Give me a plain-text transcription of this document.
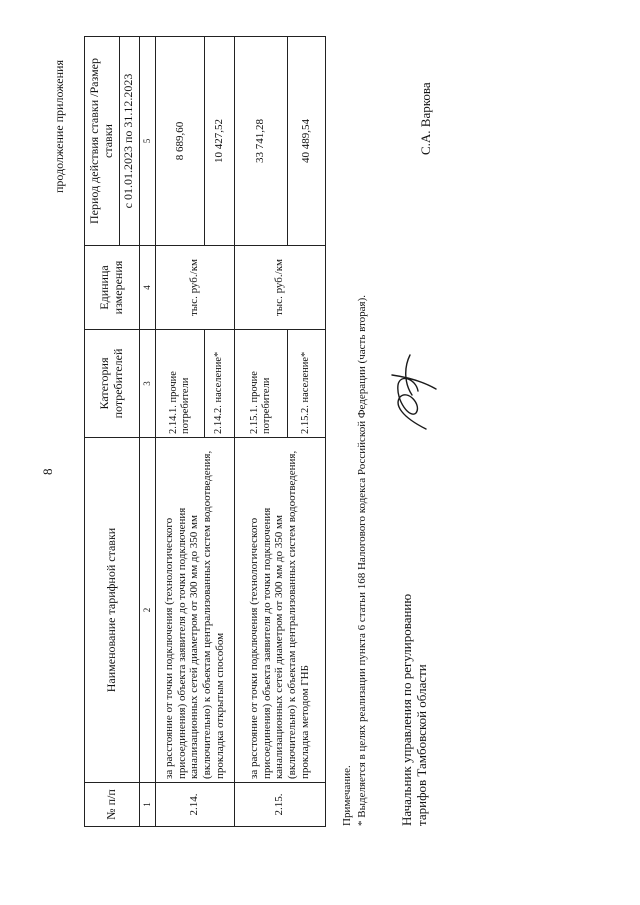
8
продолжение приложения
№ п/п	Наименование тарифной ставки	Категория потребителей	Единица измерения	Период действия ставки /Размер ставки
				с 01.01.2023 по 31.12.2023
1	2	3	4	5
2.14.	за расстояние от точки подключения (технологического присоединения) объекта заявителя до точки подключения канализационных сетей диаметром от 300 мм до 350 мм (включительно) к объектам централизованных систем водоотведения, прокладка открытым способом	2.14.1. прочие потребители	тыс. руб./км	8 689,60
		2.14.2. население*		10 427,52
2.15.	за расстояние от точки подключения (технологического присоединения) объекта заявителя до точки подключения канализационных сетей диаметром от 300 мм до 350 мм (включительно) к объектам централизованных систем водоотведения, прокладка методом ГНБ	2.15.1. прочие потребители	тыс. руб./км	33 741,28
		2.15.2. население*		40 489,54
Примечание. * Выделяется в целях реализации пункта 6 статьи 168 Налогового кодекса Российской Федерации (часть вторая). Начальник управления по регулированию тарифов Тамбовской области
С.А. Варкова
